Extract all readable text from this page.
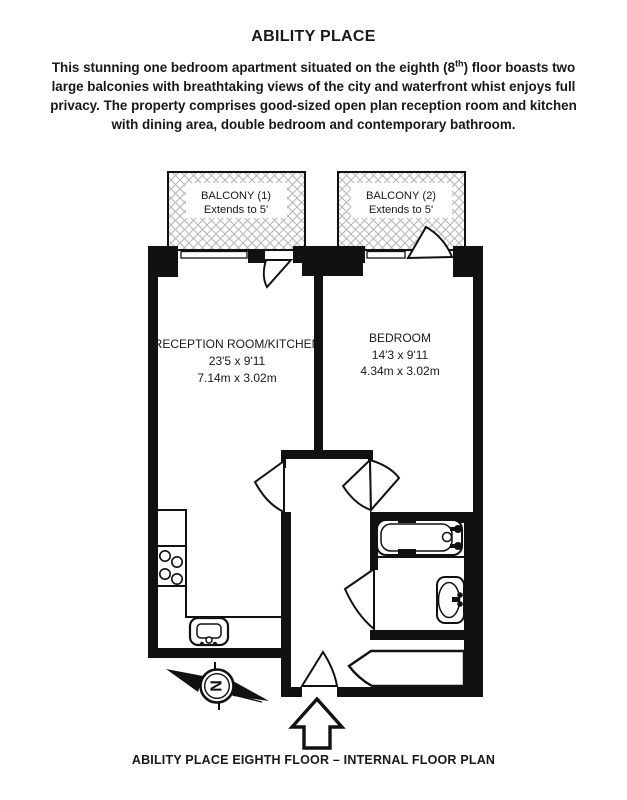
ABILITY PLACE

This stunning one bedroom apartment situated on the eighth (8th) floor boasts two
large balconies with breathtaking views of the city and waterfront whist enjoys full
privacy. The property comprises good-sized open plan reception room and kitchen
with dining area, double bedroom and contemporary bathroom.

BALCONY (1)
Extends to 5'
BALCONY (2)
Extends to 5'
RECEPTION ROOM/KITCHEN
23'5 x 9'11
7.14m x 3.02m
BEDROOM
14'3 x 9'11
4.34m x 3.02m
N
ABILITY PLACE EIGHTH FLOOR – INTERNAL FLOOR PLAN
